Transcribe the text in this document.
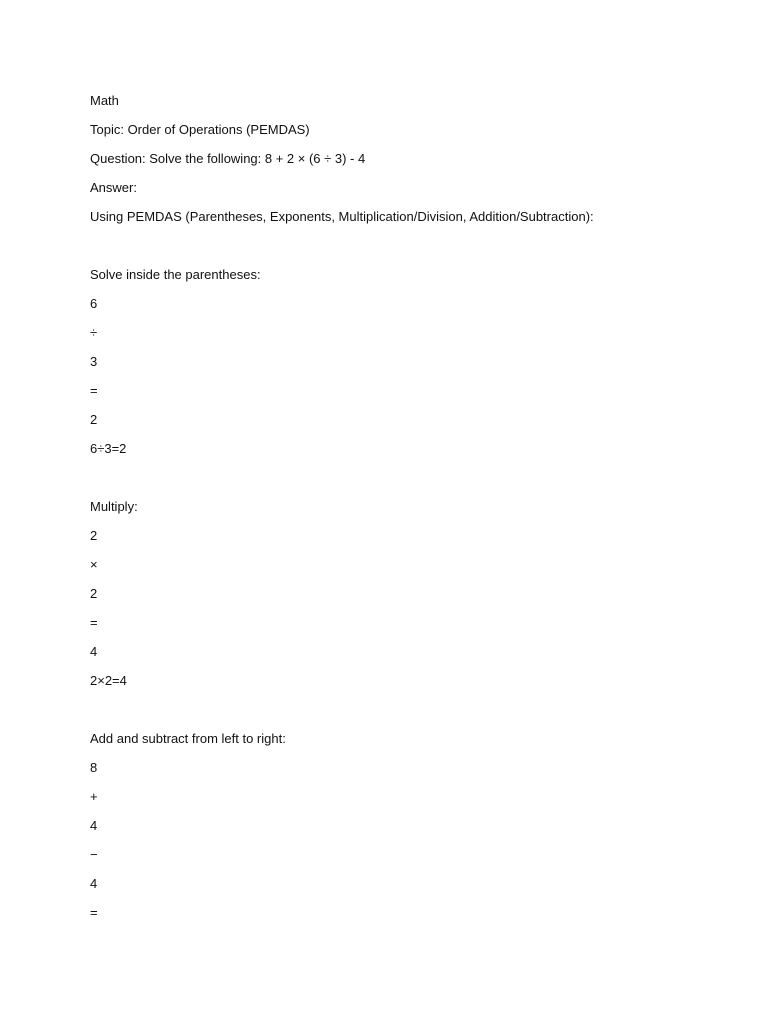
Math
Topic: Order of Operations (PEMDAS)
Question: Solve the following: 8 + 2 × (6 ÷ 3) - 4
Answer:
Using PEMDAS (Parentheses, Exponents, Multiplication/Division, Addition/Subtraction):
Solve inside the parentheses:
6
÷
3
=
2
6÷3=2
Multiply:
2
×
2
=
4
2×2=4
Add and subtract from left to right:
8
+
4
−
4
=
